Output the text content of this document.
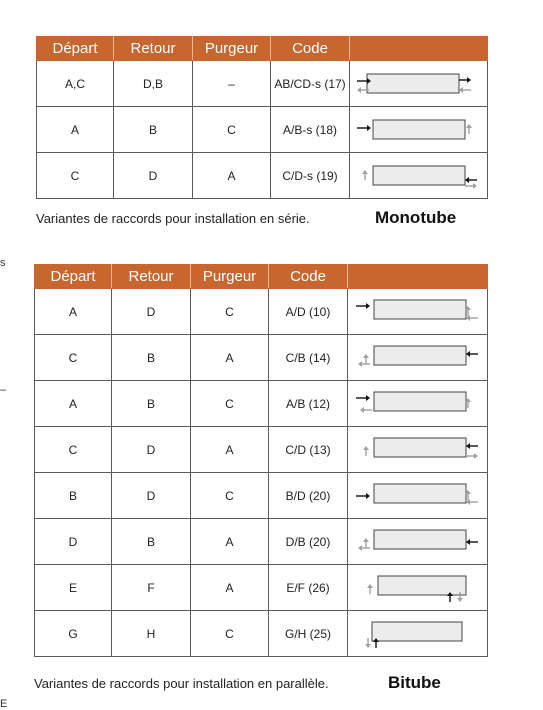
s
–
E
Départ	Retour	Purgeur	Code	
A,C	D,B	–	AB/CD-s (17)	

A	B	C	A/B-s (18)	

C	D	A	C/D-s (19)	
Variantes de raccords pour installation en série.	Monotube
Départ	Retour	Purgeur	Code	
A	D	C	A/D (10)	

C	B	A	C/B (14)	

A	B	C	A/B (12)	

C	D	A	C/D (13)	

B	D	C	B/D (20)	

D	B	A	D/B (20)	

E	F	A	E/F (26)	

G	H	C	G/H (25)	
Variantes de raccords pour installation en parallèle.	Bitube
